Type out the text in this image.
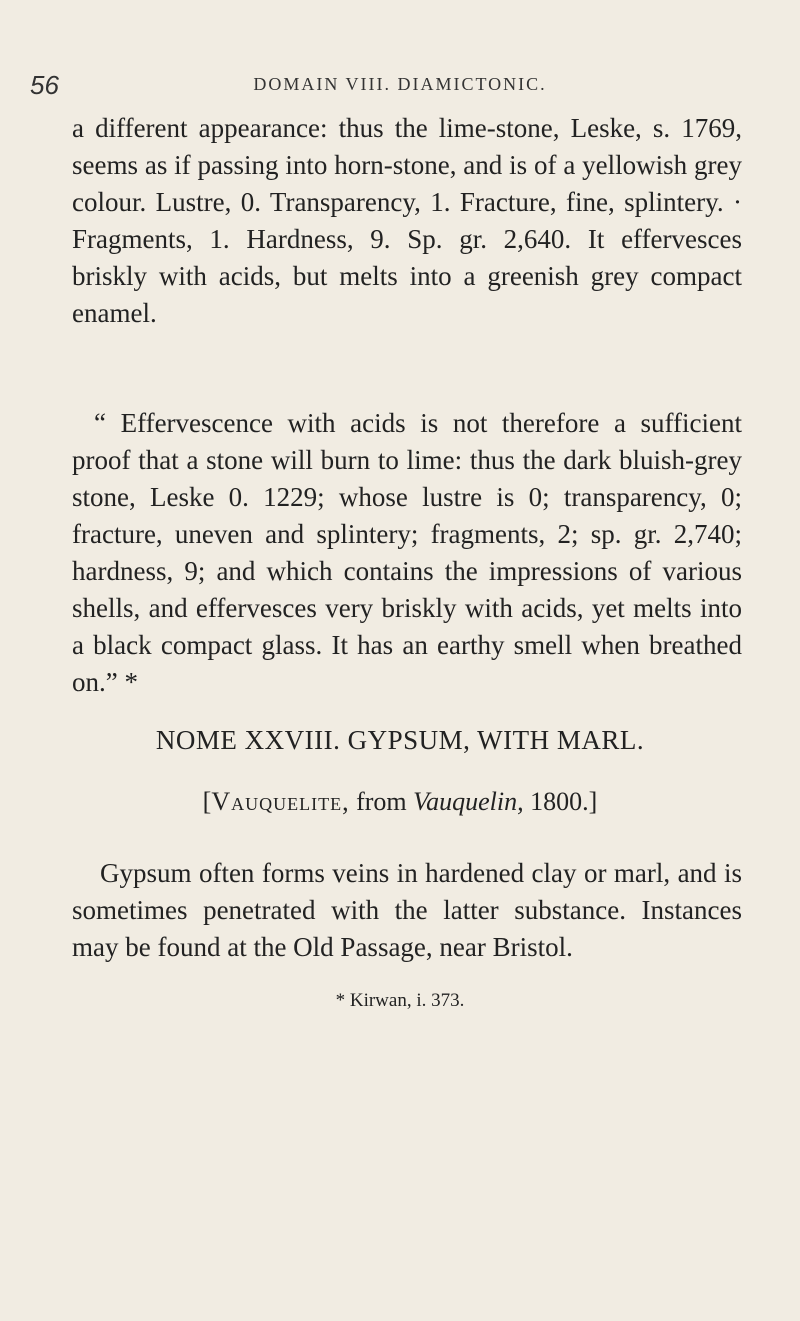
56	DOMAIN VIII. DIAMICTONIC.
a different appearance: thus the lime-stone, Leske, s. 1769, seems as if passing into horn-stone, and is of a yellowish grey colour. Lustre, 0. Transparency, 1. Fracture, fine, splintery. · Fragments, 1. Hardness, 9. Sp. gr. 2,640. It effervesces briskly with acids, but melts into a greenish grey compact enamel.
“ Effervescence with acids is not therefore a sufficient proof that a stone will burn to lime: thus the dark bluish-grey stone, Leske 0. 1229; whose lustre is 0; transparency, 0; fracture, uneven and splintery; fragments, 2; sp. gr. 2,740; hardness, 9; and which contains the impressions of various shells, and effervesces very briskly with acids, yet melts into a black compact glass. It has an earthy smell when breathed on.” *
NOME XXVIII. GYPSUM, WITH MARL.
[Vauquelite, from Vauquelin, 1800.]
Gypsum often forms veins in hardened clay or marl, and is sometimes penetrated with the latter substance. Instances may be found at the Old Passage, near Bristol.
* Kirwan, i. 373.
